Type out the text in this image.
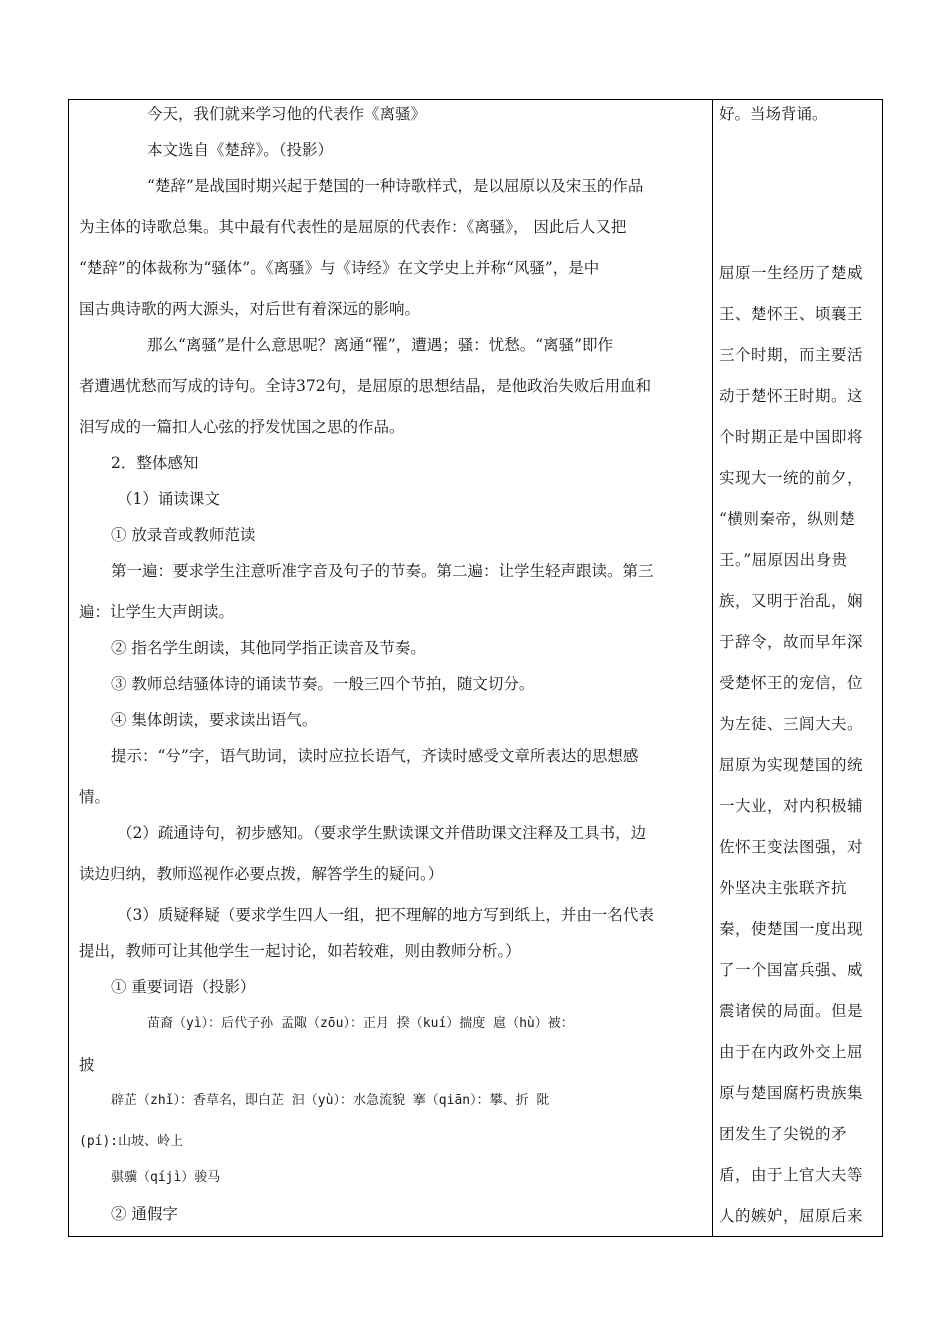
今天，我们就来学习他的代表作《离骚》
本文选自《楚辞》。（投影）
“楚辞”是战国时期兴起于楚国的一种诗歌样式，是以屈原以及宋玉的作品
为主体的诗歌总集。其中最有代表性的是屈原的代表作：《离骚》， 因此后人又把
“楚辞”的体裁称为“骚体”。《离骚》与《诗经》在文学史上并称“风骚”，是中
国古典诗歌的两大源头，对后世有着深远的影响。
那么“离骚”是什么意思呢？离通“罹”，遭遇；骚：忧愁。“离骚”即作
者遭遇忧愁而写成的诗句。全诗372句，是屈原的思想结晶，是他政治失败后用血和
泪写成的一篇扣人心弦的抒发忧国之思的作品。
2．整体感知
（1）诵读课文
① 放录音或教师范读
第一遍：要求学生注意听准字音及句子的节奏。第二遍：让学生轻声跟读。第三
遍：让学生大声朗读。
② 指名学生朗读，其他同学指正读音及节奏。
③ 教师总结骚体诗的诵读节奏。一般三四个节拍，随文切分。
④ 集体朗读，要求读出语气。
提示：“兮”字，语气助词，读时应拉长语气，齐读时感受文章所表达的思想感
情。
（2）疏通诗句，初步感知。（要求学生默读课文并借助课文注释及工具书，边
读边归纳，教师巡视作必要点拨，解答学生的疑问。）
（3）质疑释疑（要求学生四人一组，把不理解的地方写到纸上，并由一名代表
提出，教师可让其他学生一起讨论，如若较难，则由教师分析。）
① 重要词语（投影）
苗裔（yì）：后代子孙 孟陬（zōu）：正月 揆（kuí）揣度 扈（hù）被：
披
辟芷（zhǐ）：香草名，即白芷 汩（yù）：水急流貌 搴（qiān）：攀、折 阰
(pí):山坡、岭上
骐骥（qíjì）骏马
② 通假字
好。当场背诵。
屈原一生经历了楚威
王、楚怀王、顷襄王
三个时期，而主要活
动于楚怀王时期。这
个时期正是中国即将
实现大一统的前夕，
“横则秦帝，纵则楚
王。”屈原因出身贵
族，又明于治乱，娴
于辞令，故而早年深
受楚怀王的宠信，位
为左徒、三闾大夫。
屈原为实现楚国的统
一大业，对内积极辅
佐怀王变法图强，对
外坚决主张联齐抗
秦，使楚国一度出现
了一个国富兵强、威
震诸侯的局面。但是
由于在内政外交上屈
原与楚国腐朽贵族集
团发生了尖锐的矛
盾，由于上官大夫等
人的嫉妒，屈原后来
